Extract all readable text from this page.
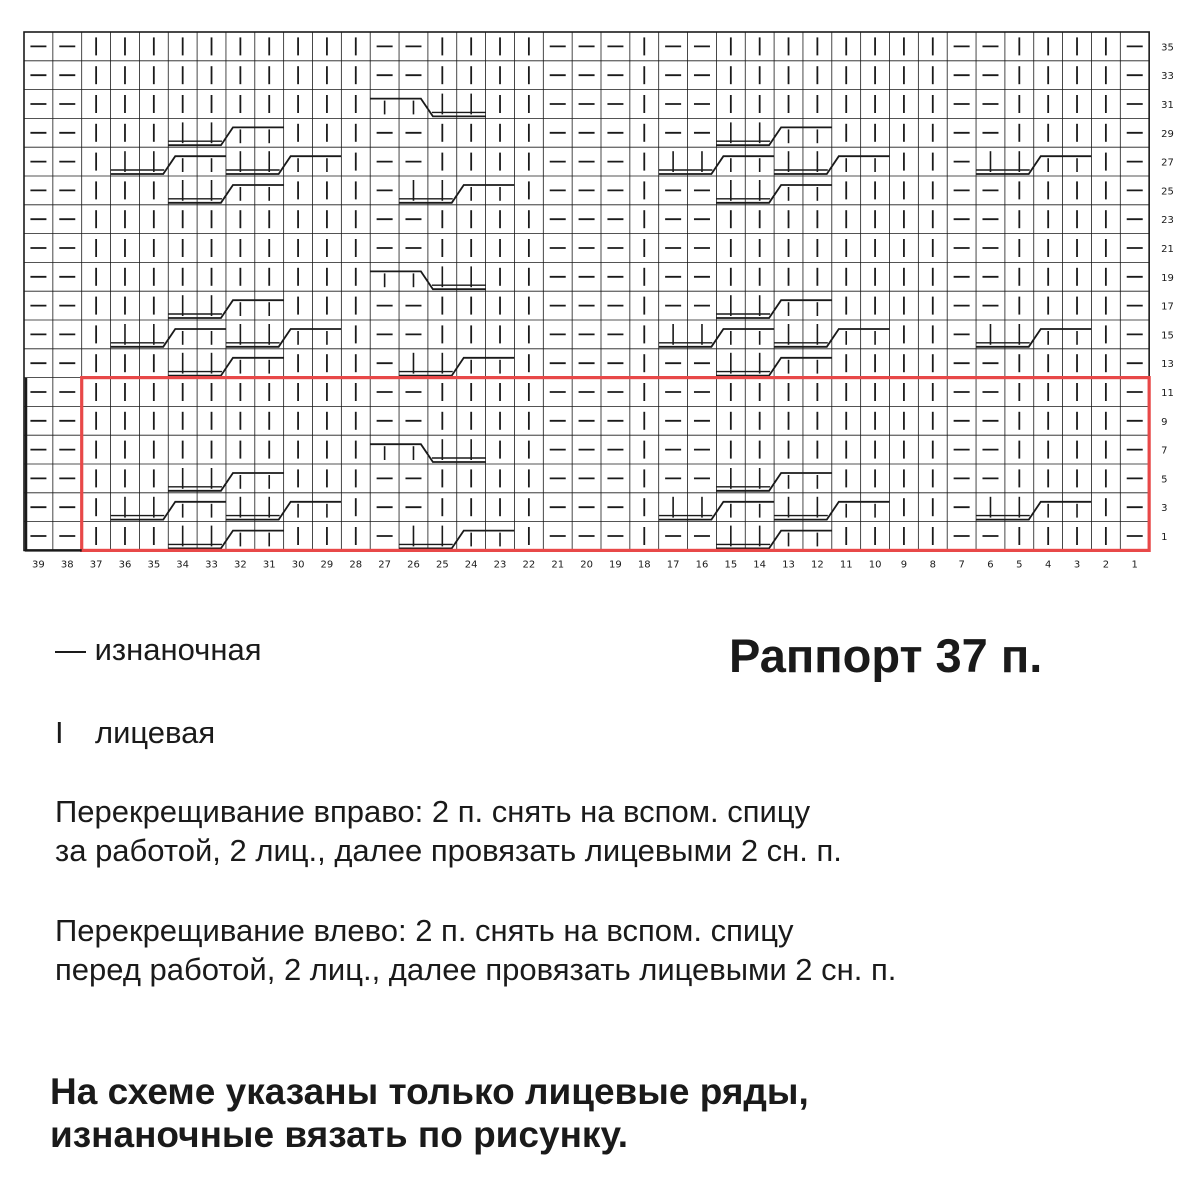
35
33
31
29
27
25
23
21
19
17
15
13
11
9
7
5
3
1
39 38 37 36 35 34 33 32 31 30 29 28 27 26 25 24 23 22 21 20 19 18 17 16 15 14 13 12 11 10 9 8 7 6 5 4 3 2 1

— изнаночная	Раппорт 37 п.

I лицевая

Перекрещивание вправо: 2 п. снять на вспом. спицу

за работой, 2 лиц., далее провязать лицевыми 2 сн. п.

Перекрещивание влево: 2 п. снять на вспом. спицу

перед работой, 2 лиц., далее провязать лицевыми 2 сн. п.

На схеме указаны только лицевые ряды,

изнаночные вязать по рисунку.
